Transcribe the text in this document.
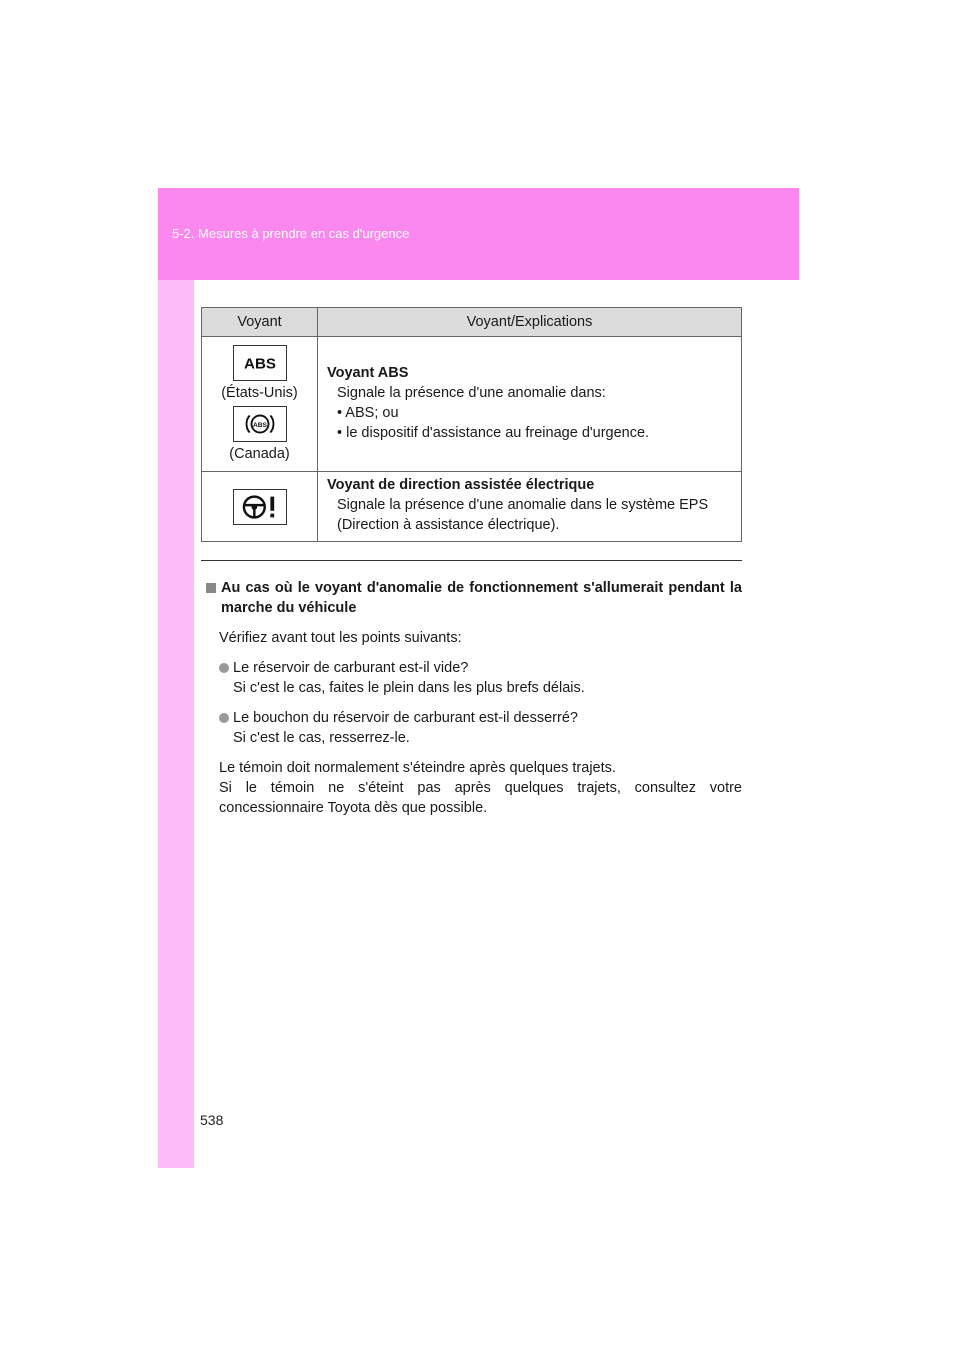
5-2. Mesures à prendre en cas d'urgence
Voyant	Voyant/Explications

ABS
(États-Unis)
ABS
(Canada)	Voyant ABS
Signale la présence d'une anomalie dans:
• ABS; ou
• le dispositif d'assistance au freinage d'urgence.

Voyant de direction assistée électrique
Signale la présence d'une anomalie dans le système EPS
(Direction à assistance électrique).
Au cas où le voyant d'anomalie de fonctionnement s'allumerait pendant la marche du véhicule
Vérifiez avant tout les points suivants:
Le réservoir de carburant est-il vide?
Si c'est le cas, faites le plein dans les plus brefs délais.
Le bouchon du réservoir de carburant est-il desserré?
Si c'est le cas, resserrez-le.
Le témoin doit normalement s'éteindre après quelques trajets.
Si le témoin ne s'éteint pas après quelques trajets, consultez votre concessionnaire Toyota dès que possible.
538
